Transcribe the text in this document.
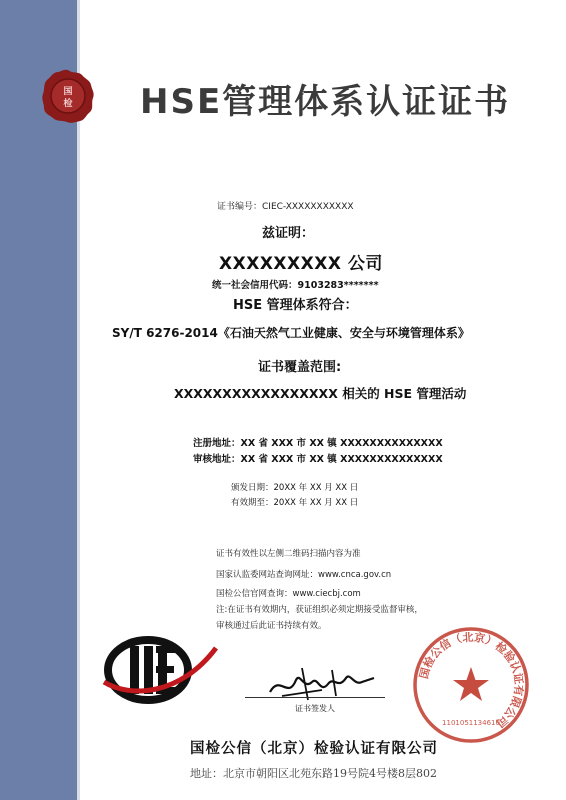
国
检 HSE管理体系认证证书
证书编号：CIEC-XXXXXXXXXXX
兹证明：
XXXXXXXXX 公司
统一社会信用代码：9103283*******
HSE 管理体系符合：
SY/T 6276-2014《石油天然气工业健康、安全与环境管理体系》
证书覆盖范围:
XXXXXXXXXXXXXXXXX 相关的 HSE 管理活动
注册地址：XX 省 XXX 市 XX 镇 XXXXXXXXXXXXXX
审核地址：XX 省 XXX 市 XX 镇 XXXXXXXXXXXXXX
颁发日期：20XX 年 XX 月 XX 日
有效期至：20XX 年 XX 月 XX 日
证书有效性以左侧二维码扫描内容为准
国家认监委网站查询网址：www.cnca.gov.cn
国检公信官网查询：www.ciecbj.com
注:在证书有效期内，获证组织必须定期接受监督审核，
审核通过后此证书持续有效。
证书签发人
国检公信（北京）检验认证有限公司
1101051134610
国检公信（北京）检验认证有限公司
地址：北京市朝阳区北苑东路19号院4号楼8层802
